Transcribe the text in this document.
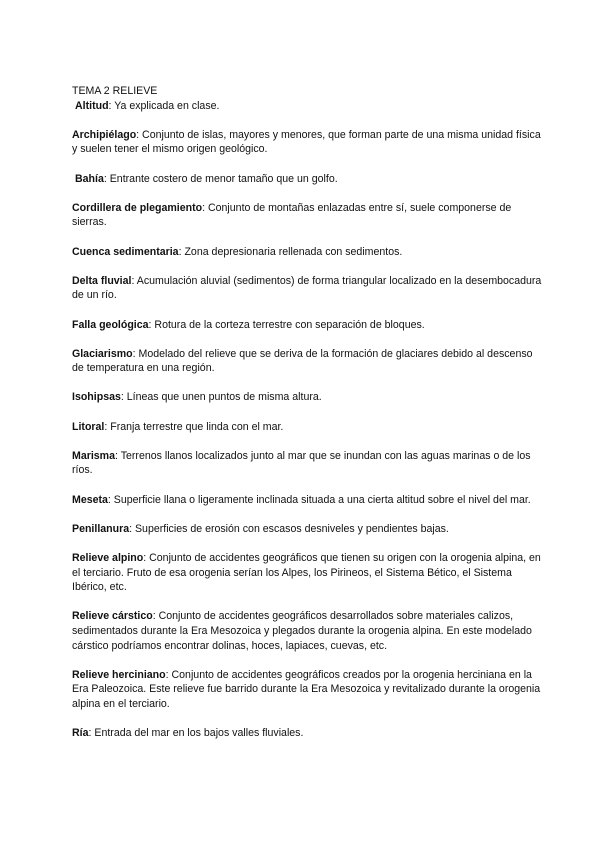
TEMA 2 RELIEVE

Altitud: Ya explicada en clase.

Archipiélago: Conjunto de islas, mayores y menores, que forman parte de una misma unidad física y suelen tener el mismo origen geológico.

Bahía: Entrante costero de menor tamaño que un golfo.

Cordillera de plegamiento: Conjunto de montañas enlazadas entre sí, suele componerse de sierras.

Cuenca sedimentaria: Zona depresionaria rellenada con sedimentos.

Delta fluvial: Acumulación aluvial (sedimentos) de forma triangular localizado en la desembocadura de un río.

Falla geológica: Rotura de la corteza terrestre con separación de bloques.

Glaciarismo: Modelado del relieve que se deriva de la formación de glaciares debido al descenso de temperatura en una región.

Isohipsas: Líneas que unen puntos de misma altura.

Litoral: Franja terrestre que linda con el mar.

Marisma: Terrenos llanos localizados junto al mar que se inundan con las aguas marinas o de los ríos.

Meseta: Superficie llana o ligeramente inclinada situada a una cierta altitud sobre el nivel del mar.

Penillanura: Superficies de erosión con escasos desniveles y pendientes bajas.

Relieve alpino: Conjunto de accidentes geográficos que tienen su origen con la orogenia alpina, en el terciario. Fruto de esa orogenia serían los Alpes, los Pirineos, el Sistema Bético, el Sistema Ibérico, etc.

Relieve cárstico: Conjunto de accidentes geográficos desarrollados sobre materiales calizos, sedimentados durante la Era Mesozoica y plegados durante la orogenia alpina. En este modelado cárstico podríamos encontrar dolinas, hoces, lapiaces, cuevas, etc.

Relieve herciniano: Conjunto de accidentes geográficos creados por la orogenia herciniana en la Era Paleozoica. Este relieve fue barrido durante la Era Mesozoica y revitalizado durante la orogenia alpina en el terciario.

Ría: Entrada del mar en los bajos valles fluviales.
